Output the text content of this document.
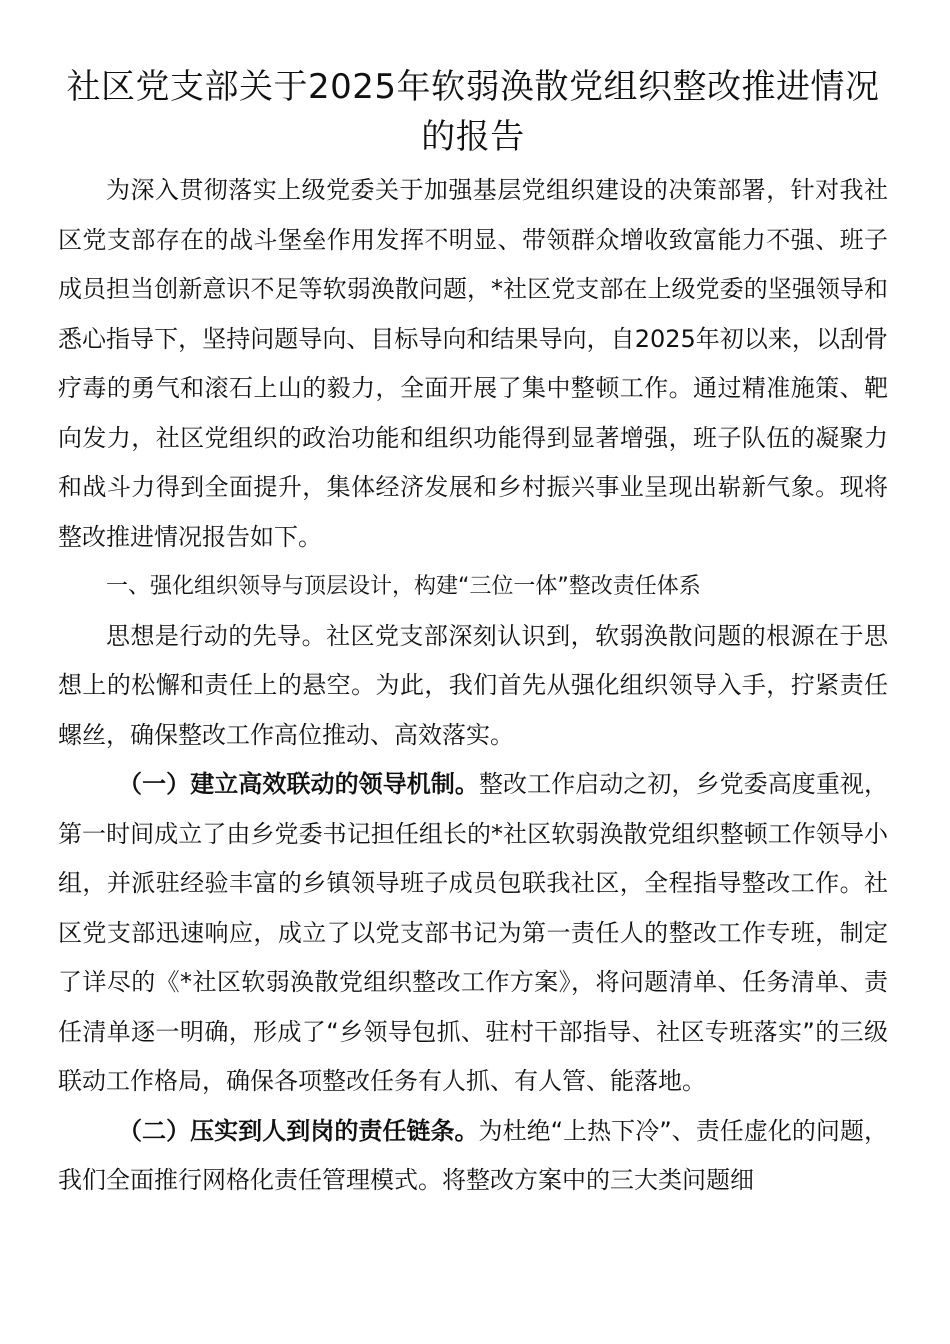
社区党支部关于2025年软弱涣散党组织整改推进情况的报告

为深入贯彻落实上级党委关于加强基层党组织建设的决策部署，针对我社区党支部存在的战斗堡垒作用发挥不明显、带领群众增收致富能力不强、班子成员担当创新意识不足等软弱涣散问题，*社区党支部在上级党委的坚强领导和悉心指导下，坚持问题导向、目标导向和结果导向，自2025年初以来，以刮骨疗毒的勇气和滚石上山的毅力，全面开展了集中整顿工作。通过精准施策、靶向发力，社区党组织的政治功能和组织功能得到显著增强，班子队伍的凝聚力和战斗力得到全面提升，集体经济发展和乡村振兴事业呈现出崭新气象。现将整改推进情况报告如下。

一、强化组织领导与顶层设计，构建“三位一体”整改责任体系

思想是行动的先导。社区党支部深刻认识到，软弱涣散问题的根源在于思想上的松懈和责任上的悬空。为此，我们首先从强化组织领导入手，拧紧责任螺丝，确保整改工作高位推动、高效落实。

（一）建立高效联动的领导机制。整改工作启动之初，乡党委高度重视，第一时间成立了由乡党委书记担任组长的*社区软弱涣散党组织整顿工作领导小组，并派驻经验丰富的乡镇领导班子成员包联我社区，全程指导整改工作。社区党支部迅速响应，成立了以党支部书记为第一责任人的整改工作专班，制定了详尽的《*社区软弱涣散党组织整改工作方案》，将问题清单、任务清单、责任清单逐一明确，形成了“乡领导包抓、驻村干部指导、社区专班落实”的三级联动工作格局，确保各项整改任务有人抓、有人管、能落地。

（二）压实到人到岗的责任链条。为杜绝“上热下冷”、责任虚化的问题，我们全面推行网格化责任管理模式。将整改方案中的三大类问题细
